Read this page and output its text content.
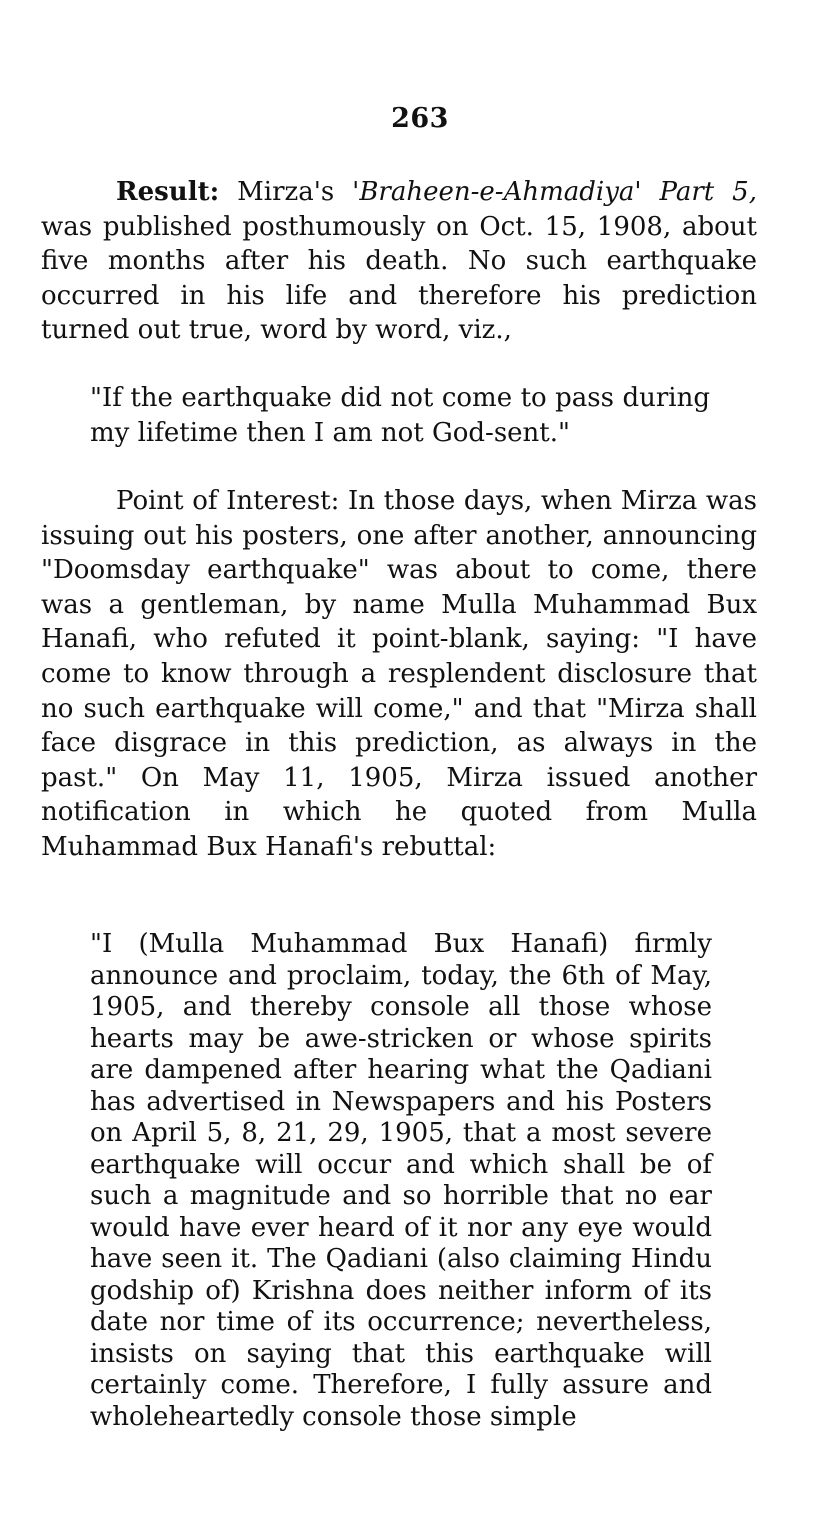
263

Result: Mirza's 'Braheen-e-Ahmadiya' Part 5, was published posthumously on Oct. 15, 1908, about five months after his death. No such earthquake occurred in his life and therefore his prediction turned out true, word by word, viz.,

"If the earthquake did not come to pass during my lifetime then I am not God-sent."

Point of Interest: In those days, when Mirza was issuing out his posters, one after another, announcing "Doomsday earthquake" was about to come, there was a gentleman, by name Mulla Muhammad Bux Hanafi, who refuted it point-blank, saying: "I have come to know through a resplendent disclosure that no such earthquake will come," and that "Mirza shall face disgrace in this prediction, as always in the past." On May 11, 1905, Mirza issued another notification in which he quoted from Mulla Muhammad Bux Hanafi's rebuttal:

"I (Mulla Muhammad Bux Hanafi) firmly announce and proclaim, today, the 6th of May, 1905, and thereby console all those whose hearts may be awe-stricken or whose spirits are dampened after hearing what the Qadiani has advertised in Newspapers and his Posters on April 5, 8, 21, 29, 1905, that a most severe earthquake will occur and which shall be of such a magnitude and so horrible that no ear would have ever heard of it nor any eye would have seen it. The Qadiani (also claiming Hindu godship of) Krishna does neither inform of its date nor time of its occurrence; nevertheless, insists on saying that this earthquake will certainly come. Therefore, I fully assure and wholeheartedly console those simple
